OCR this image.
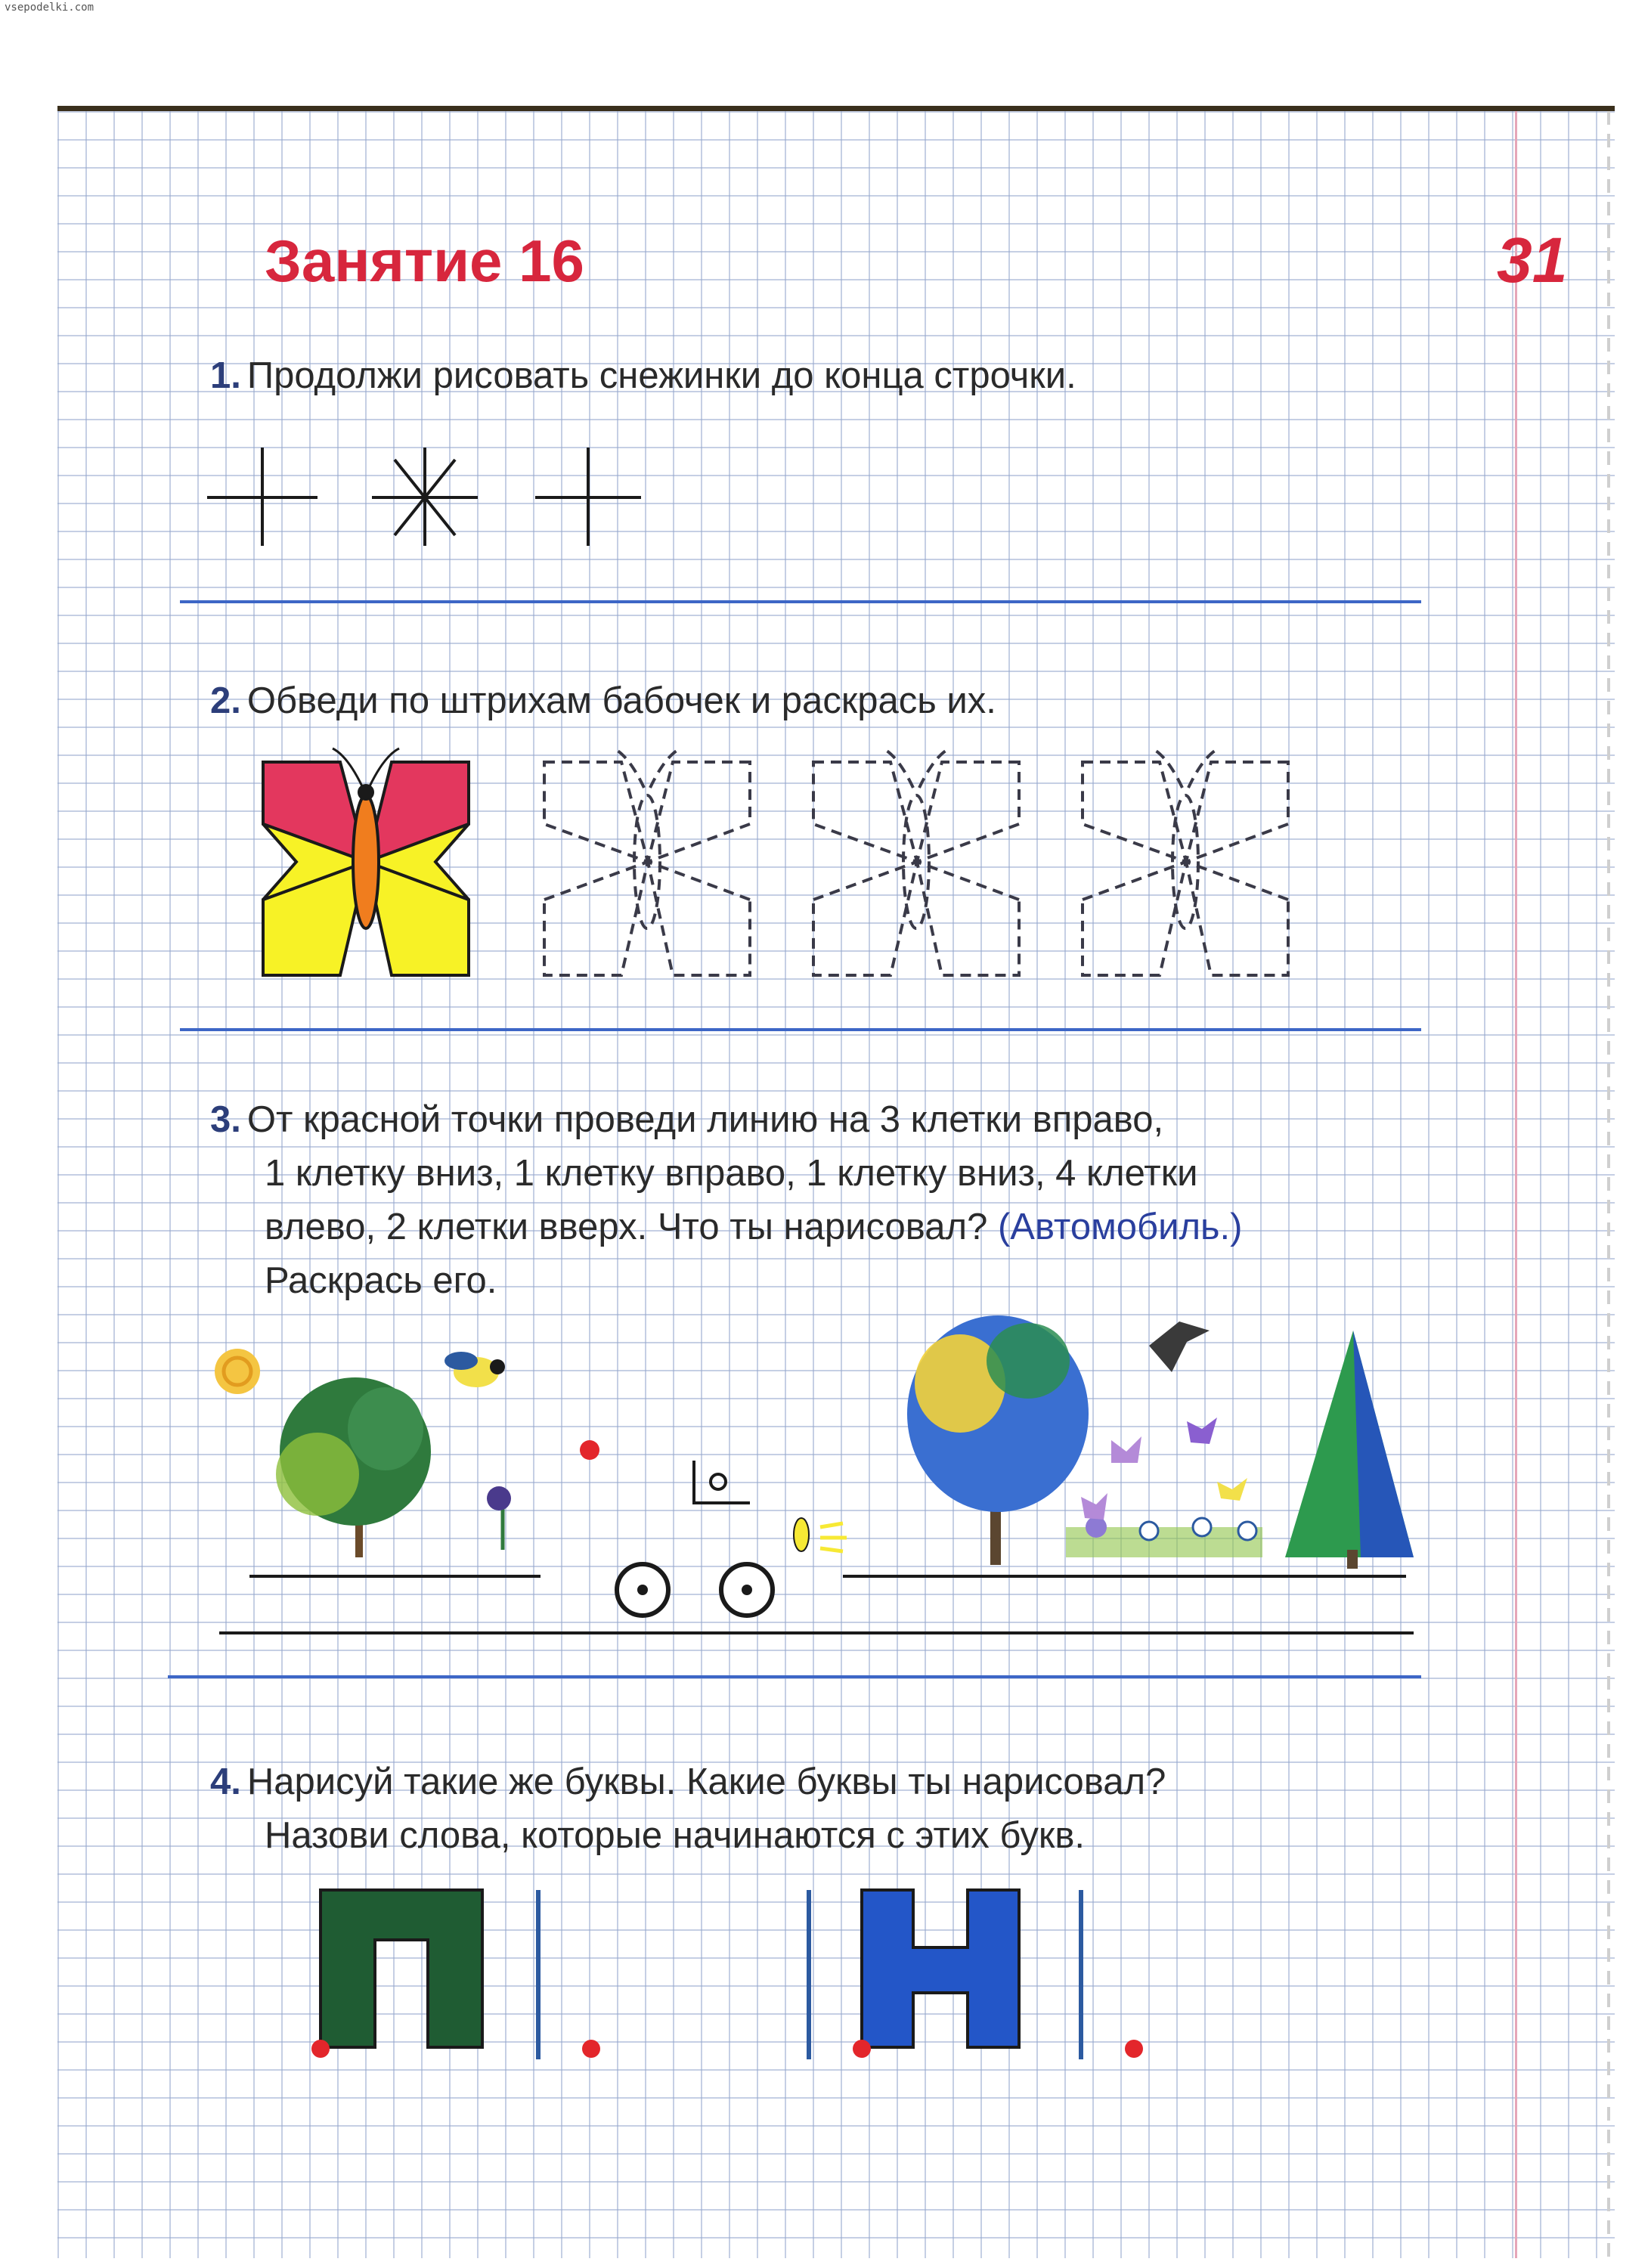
vsepodelki.com
Занятие 16	31

1. Продолжи рисовать снежинки до конца строчки.

2. Обведи по штрихам бабочек и раскрась их.

3. От красной точки проведи линию на 3 клетки вправо,
1 клетку вниз, 1 клетку вправо, 1 клетку вниз, 4 клетки
влево, 2 клетки вверх. Что ты нарисовал? (Автомобиль.)
Раскрась его.
4. Нарисуй такие же буквы. Какие буквы ты нарисовал?
Назови слова, которые начинаются с этих букв.
